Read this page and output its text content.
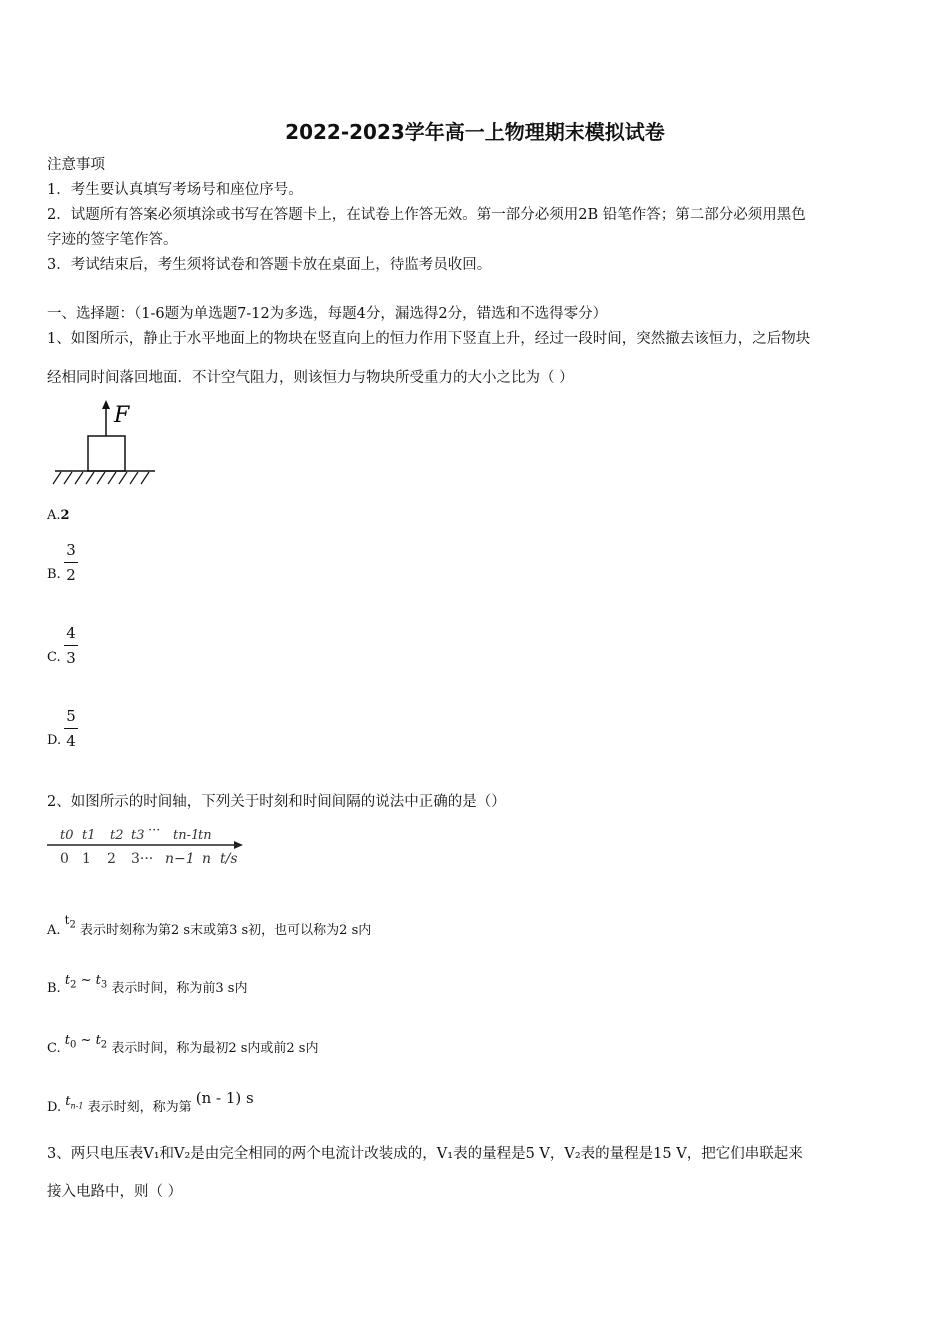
2022-2023学年高一上物理期末模拟试卷
注意事项
1．考生要认真填写考场号和座位序号。
2．试题所有答案必须填涂或书写在答题卡上，在试卷上作答无效。第一部分必须用2B 铅笔作答；第二部分必须用黑色
字迹的签字笔作答。
3．考试结束后，考生须将试卷和答题卡放在桌面上，待监考员收回。
一、选择题：（1-6题为单选题7-12为多选，每题4分，漏选得2分，错选和不选得零分）
1、如图所示，静止于水平地面上的物块在竖直向上的恒力作用下竖直上升，经过一段时间，突然撤去该恒力，之后物块
经相同时间落回地面．不计空气阻力，则该恒力与物块所受重力的大小之比为（ ）
F
A.2
B.
3
2
C.
4
3
D.
5
4
2、如图所示的时间轴，下列关于时刻和时间间隔的说法中正确的是（）
t0 t1 t2 t3 ··· tn-1
tn
0 1 2 3··· n−1 n t/s
A. $t_2$ 表示时刻称为第2 s末或第3 s初，也可以称为2 s内
B. $t_2$ ~ $t_3$ 表示时间，称为前3 s内
C. $t_0$ ~ $t_2$ 表示时间，称为最初2 s内或前2 s内
D. $t_{n-1}$ 表示时刻，称为第 (n - 1) s
3、两只电压表V₁和V₂是由完全相同的两个电流计改装成的，V₁表的量程是5 V，V₂表的量程是15 V，把它们串联起来
接入电路中，则（ ）
